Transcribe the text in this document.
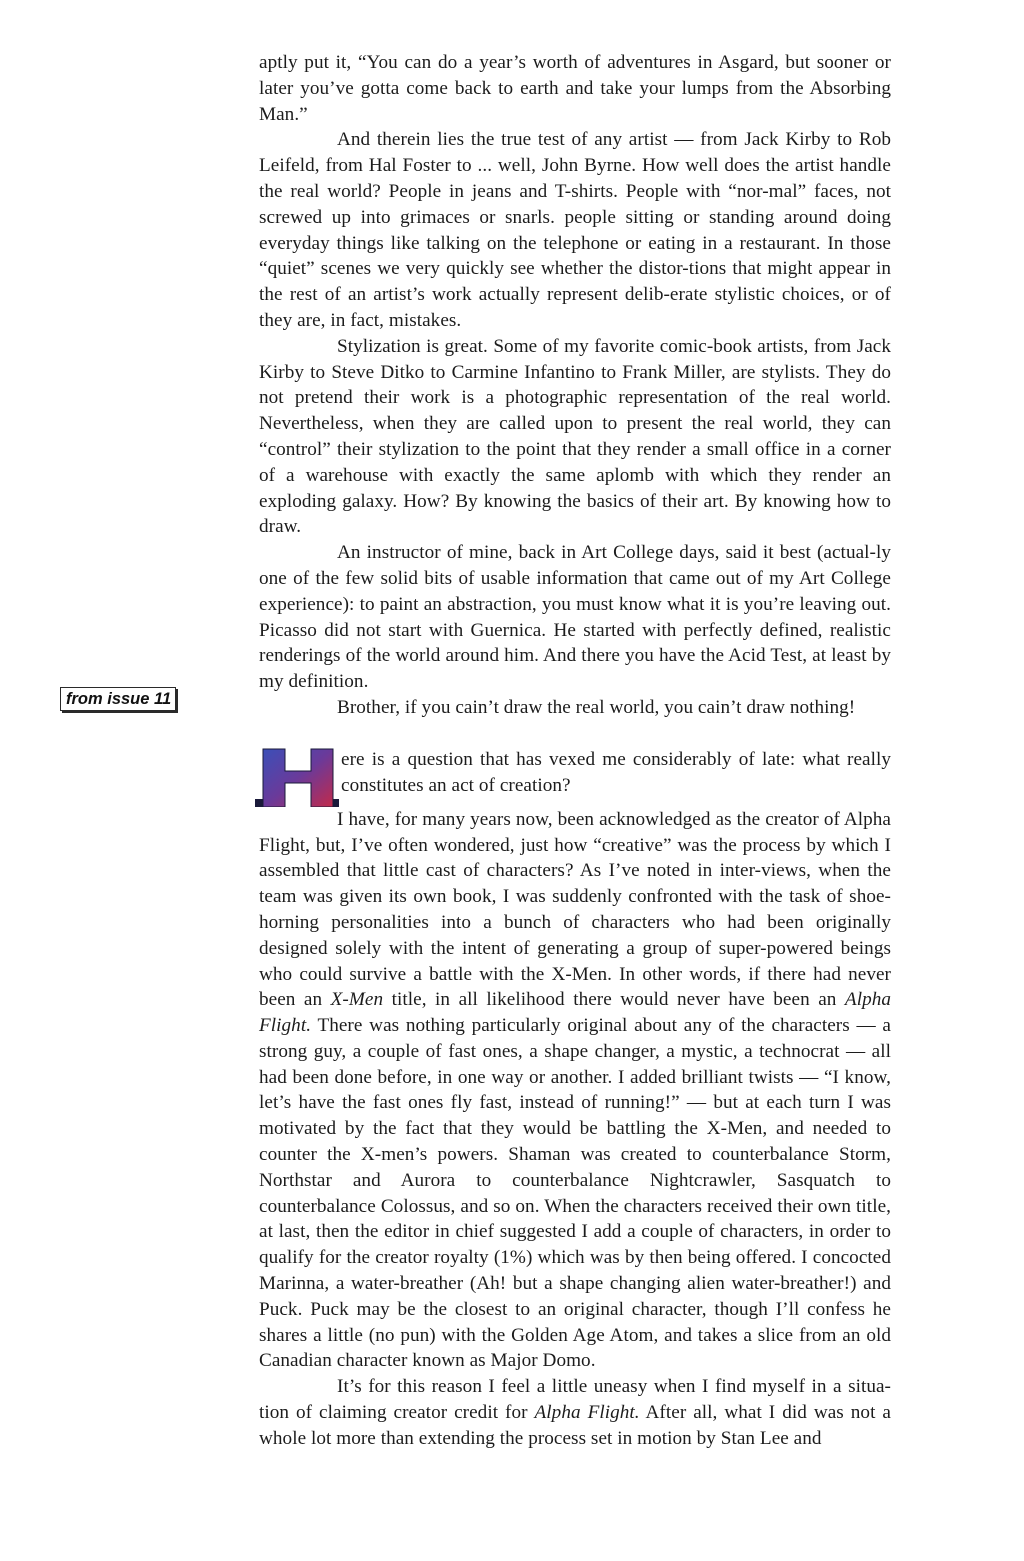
from issue 11

aptly put it, “You can do a year’s worth of adventures in Asgard, but sooner or later you’ve gotta come back to earth and take your lumps from the Absorbing Man.”

And therein lies the true test of any artist — from Jack Kirby to Rob Leifeld, from Hal Foster to ... well, John Byrne. How well does the artist handle the real world? People in jeans and T-shirts. People with “nor-mal” faces, not screwed up into grimaces or snarls. people sitting or standing around doing everyday things like talking on the telephone or eating in a restaurant. In those “quiet” scenes we very quickly see whether the distor-tions that might appear in the rest of an artist’s work actually represent delib-erate stylistic choices, or of they are, in fact, mistakes.

Stylization is great. Some of my favorite comic-book artists, from Jack Kirby to Steve Ditko to Carmine Infantino to Frank Miller, are stylists. They do not pretend their work is a photographic representation of the real world. Nevertheless, when they are called upon to present the real world, they can “control” their stylization to the point that they render a small office in a corner of a warehouse with exactly the same aplomb with which they render an exploding galaxy. How? By knowing the basics of their art. By knowing how to draw.

An instructor of mine, back in Art College days, said it best (actual-ly one of the few solid bits of usable information that came out of my Art College experience): to paint an abstraction, you must know what it is you’re leaving out. Picasso did not start with Guernica. He started with perfectly defined, realistic renderings of the world around him. And there you have the Acid Test, at least by my definition.

Brother, if you cain’t draw the real world, you cain’t draw nothing!

H
ere is a question that has vexed me considerably of late: what really constitutes an act of creation?

I have, for many years now, been acknowledged as the creator of Alpha Flight, but, I’ve often wondered, just how “creative” was the process by which I assembled that little cast of characters? As I’ve noted in inter-views, when the team was given its own book, I was suddenly confronted with the task of shoe-horning personalities into a bunch of characters who had been originally designed solely with the intent of generating a group of super-powered beings who could survive a battle with the X-Men. In other words, if there had never been an X-Men title, in all likelihood there would never have been an Alpha Flight. There was nothing particularly original about any of the characters — a strong guy, a couple of fast ones, a shape changer, a mystic, a technocrat — all had been done before, in one way or another. I added brilliant twists — “I know, let’s have the fast ones fly fast, instead of running!” — but at each turn I was motivated by the fact that they would be battling the X-Men, and needed to counter the X-men’s powers. Shaman was created to counterbalance Storm, Northstar and Aurora to counterbalance Nightcrawler, Sasquatch to counterbalance Colossus, and so on. When the characters received their own title, at last, then the editor in chief suggested I add a couple of characters, in order to qualify for the creator royalty (1%) which was by then being offered. I concocted Marinna, a water-breather (Ah! but a shape changing alien water-breather!) and Puck. Puck may be the closest to an original character, though I’ll confess he shares a little (no pun) with the Golden Age Atom, and takes a slice from an old Canadian character known as Major Domo.

It’s for this reason I feel a little uneasy when I find myself in a situa-tion of claiming creator credit for Alpha Flight. After all, what I did was not a whole lot more than extending the process set in motion by Stan Lee and
